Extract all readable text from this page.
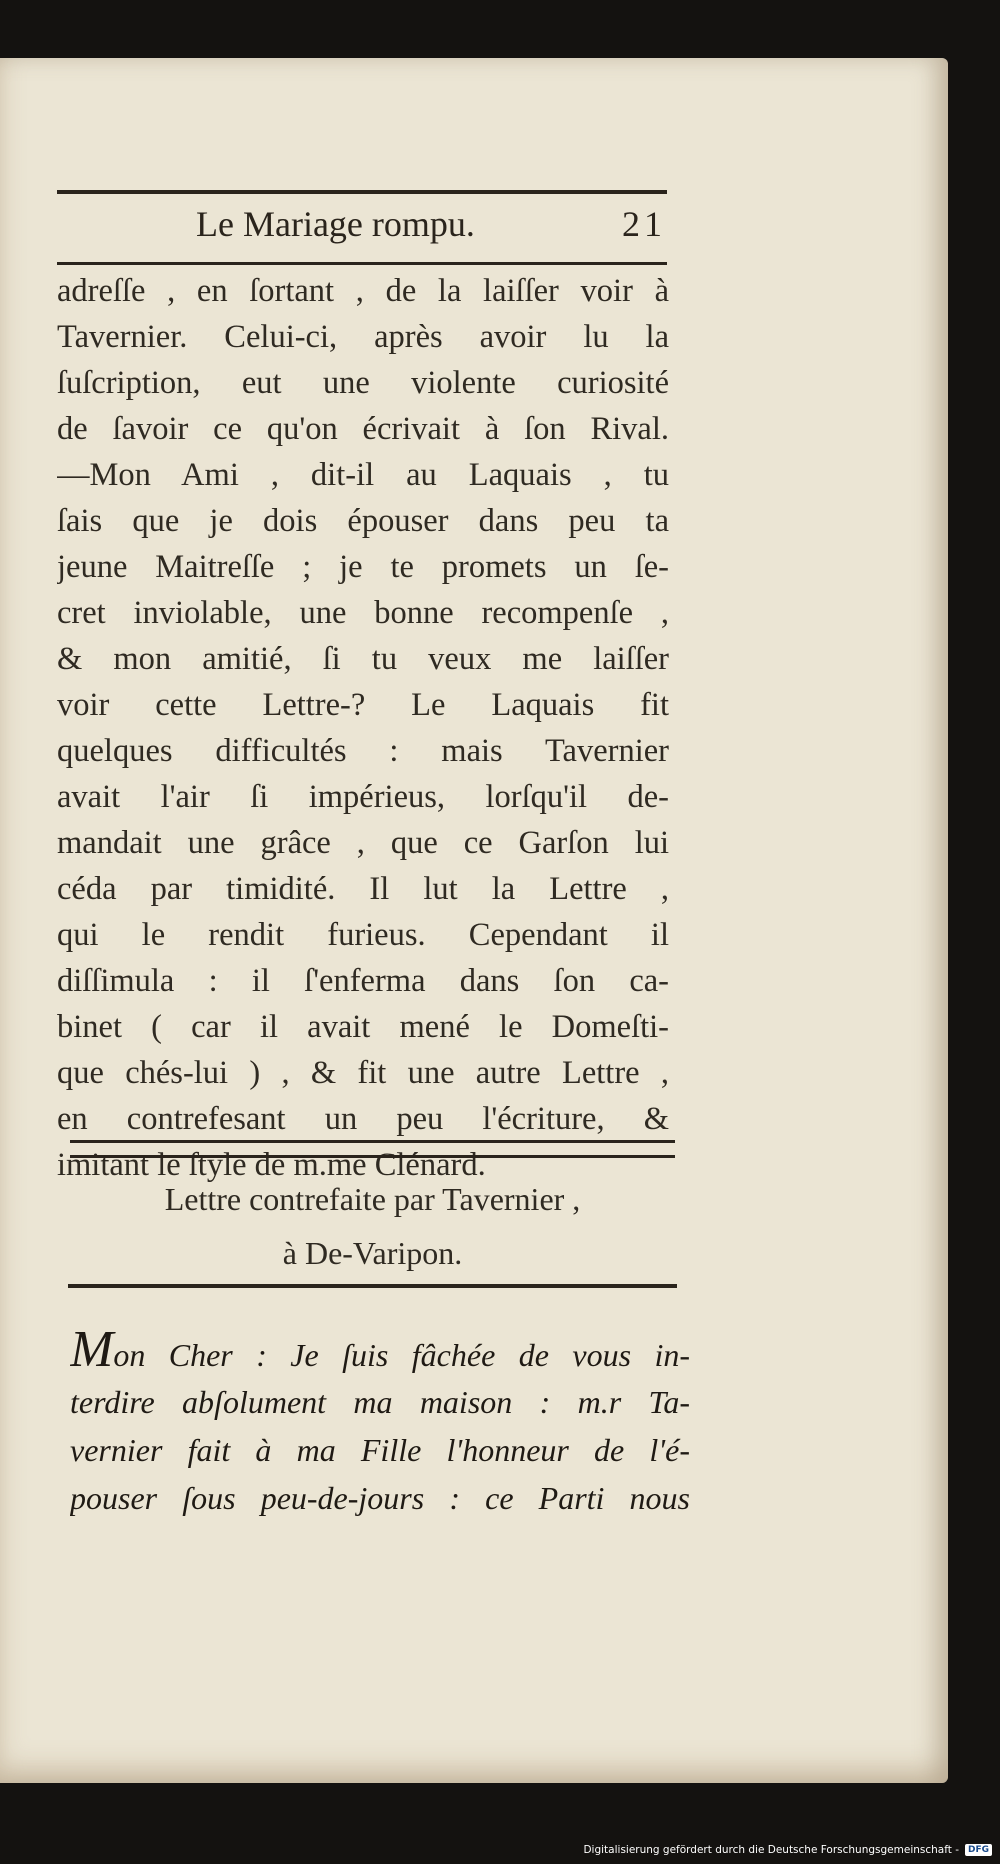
Le Mariage rompu.	21
adreſſe , en ſortant , de la laiſſer voir à
Tavernier. Celui-ci, après avoir lu la
ſuſcription, eut une violente curiosité
de ſavoir ce qu'on écrivait à ſon Rival.
—Mon Ami , dit-il au Laquais , tu
ſais que je dois épouser dans peu ta
jeune Maitreſſe ; je te promets un ſe-
cret inviolable, une bonne recompenſe ,
& mon amitié, ſi tu veux me laiſſer
voir cette Lettre-? Le Laquais fit
quelques difficultés : mais Tavernier
avait l'air ſi impérieus, lorſqu'il de-
mandait une grâce , que ce Garſon lui
céda par timidité. Il lut la Lettre ,
qui le rendit furieus. Cependant il
diſſimula : il ſ'enferma dans ſon ca-
binet ( car il avait mené le Domeſti-
que chés-lui ) , & fit une autre Lettre ,
en contrefesant un peu l'écriture, &
imitant le ſtyle de m.me Clénard.
Lettre contrefaite par Tavernier ,
à De-Varipon.
Mon Cher : Je ſuis fâchée de vous in-
terdire abſolument ma maison : m.r Ta-
vernier fait à ma Fille l'honneur de l'é-
pouser ſous peu-de-jours : ce Parti nous
Digitalisierung gefördert durch die Deutsche Forschungsgemeinschaft -	DFG
